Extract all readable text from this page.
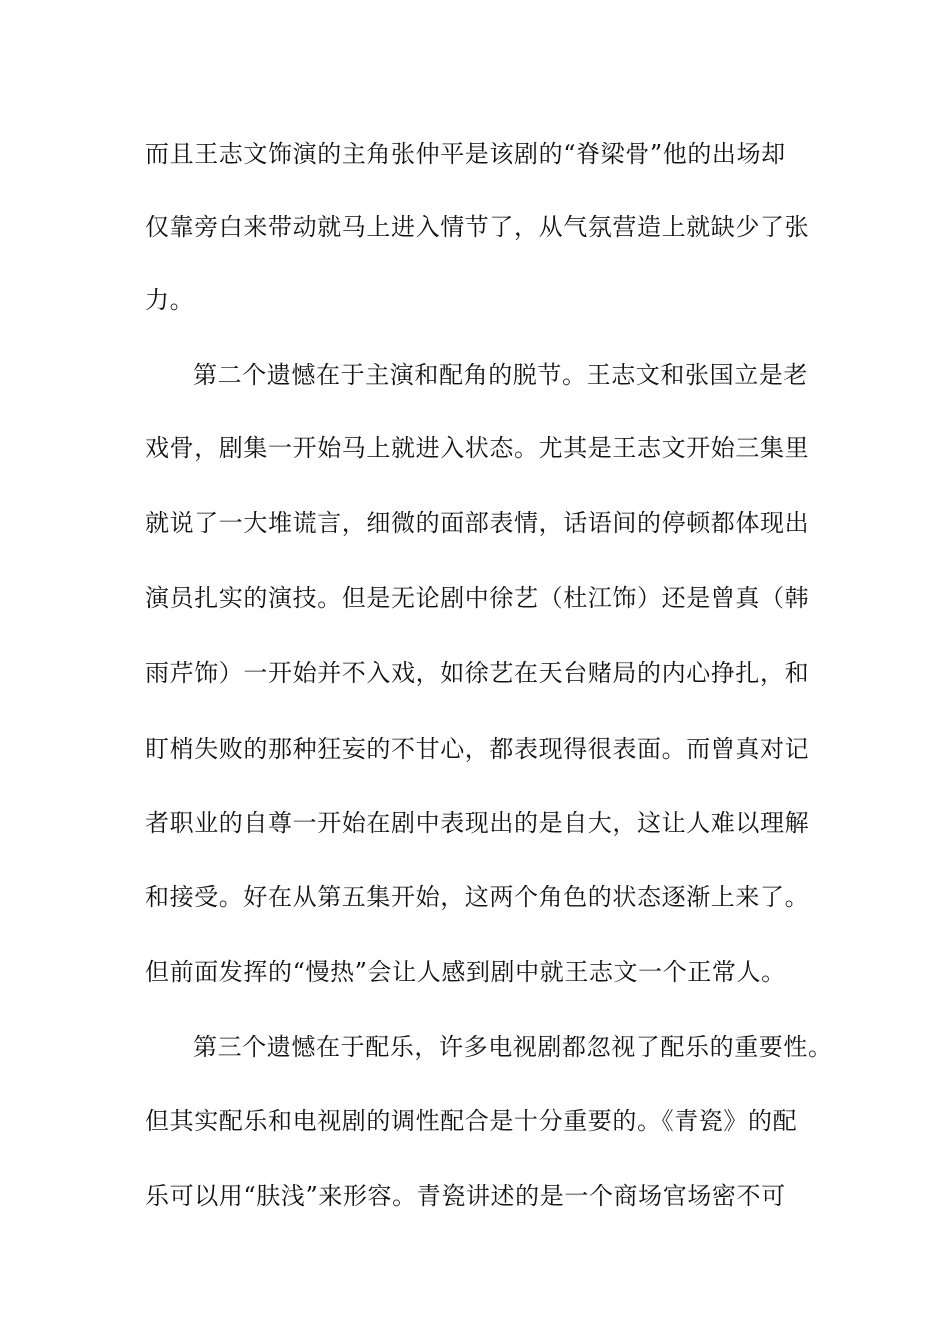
而且王志文饰演的主角张仲平是该剧的“脊梁骨”他的出场却
仅靠旁白来带动就马上进入情节了，从气氛营造上就缺少了张
力。
第二个遗憾在于主演和配角的脱节。王志文和张国立是老
戏骨，剧集一开始马上就进入状态。尤其是王志文开始三集里
就说了一大堆谎言，细微的面部表情，话语间的停顿都体现出
演员扎实的演技。但是无论剧中徐艺（杜江饰）还是曾真（韩
雨芹饰）一开始并不入戏，如徐艺在天台赌局的内心挣扎，和
盯梢失败的那种狂妄的不甘心，都表现得很表面。而曾真对记
者职业的自尊一开始在剧中表现出的是自大，这让人难以理解
和接受。好在从第五集开始，这两个角色的状态逐渐上来了。
但前面发挥的“慢热”会让人感到剧中就王志文一个正常人。
第三个遗憾在于配乐，许多电视剧都忽视了配乐的重要性。
但其实配乐和电视剧的调性配合是十分重要的。《青瓷》的配
乐可以用“肤浅”来形容。青瓷讲述的是一个商场官场密不可
